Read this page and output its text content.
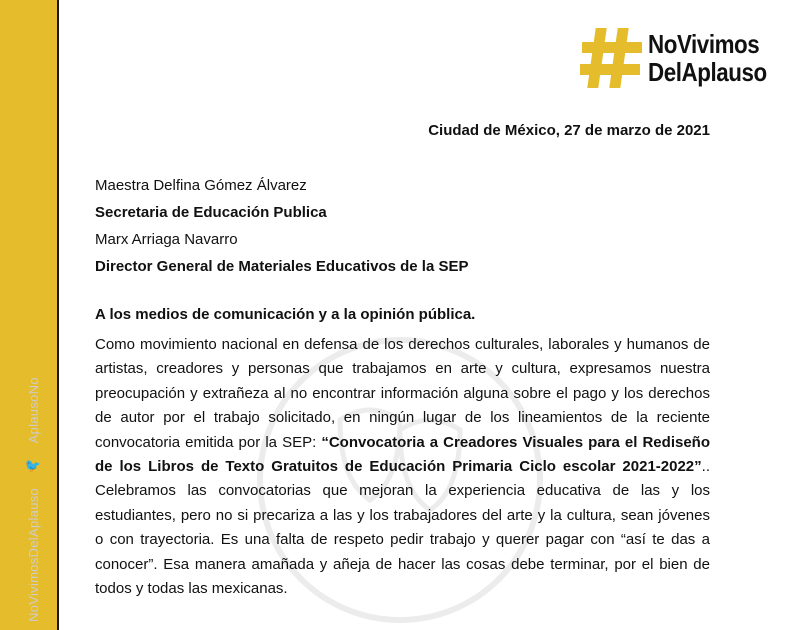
NoVivimosDelAplauso
🐦
AplausoNo
NoVivimos
DelAplauso
Ciudad de México, 27 de marzo de 2021
Maestra Delfina Gómez Álvarez
Secretaria de Educación Publica
Marx Arriaga Navarro
Director General de Materiales Educativos de la SEP
A los medios de comunicación y a la opinión pública.
Como movimiento nacional en defensa de los derechos culturales, laborales y humanos de artistas, creadores y personas que trabajamos en arte y cultura, expresamos nuestra preocupación y extrañeza al no encontrar información alguna sobre el pago y los derechos de autor por el trabajo solicitado, en ningún lugar de los lineamientos de la reciente convocatoria emitida por la SEP: “Convocatoria a Creadores Visuales para el Rediseño de los Libros de Texto Gratuitos de Educación Primaria Ciclo escolar 2021-2022”.. Celebramos las convocatorias que mejoran la experiencia educativa de las y los estudiantes, pero no si precariza a las y los trabajadores del arte y la cultura, sean jóvenes o con trayectoria. Es una falta de respeto pedir trabajo y querer pagar con “así te das a conocer”. Esa manera amañada y añeja de hacer las cosas debe terminar, por el bien de todos y todas las mexicanas.
